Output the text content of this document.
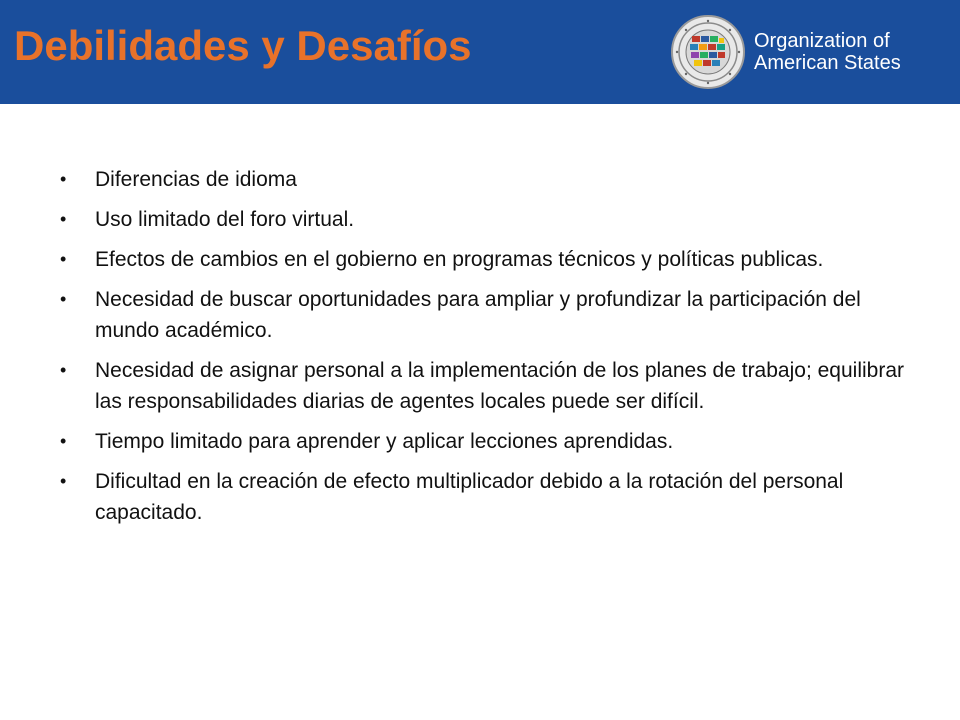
Debilidades y Desafíos	Organization of
American States
• Diferencias de idioma
• Uso limitado del foro virtual.
• Efectos de cambios en el gobierno en programas técnicos y políticas publicas.
• Necesidad de buscar oportunidades para ampliar y profundizar la participación del mundo académico.
• Necesidad de asignar personal a la implementación de los planes de trabajo; equilibrar las responsabilidades diarias de agentes locales puede ser difícil.
• Tiempo limitado para aprender y aplicar lecciones aprendidas.
• Dificultad en la creación de efecto multiplicador debido a la rotación del personal capacitado.
